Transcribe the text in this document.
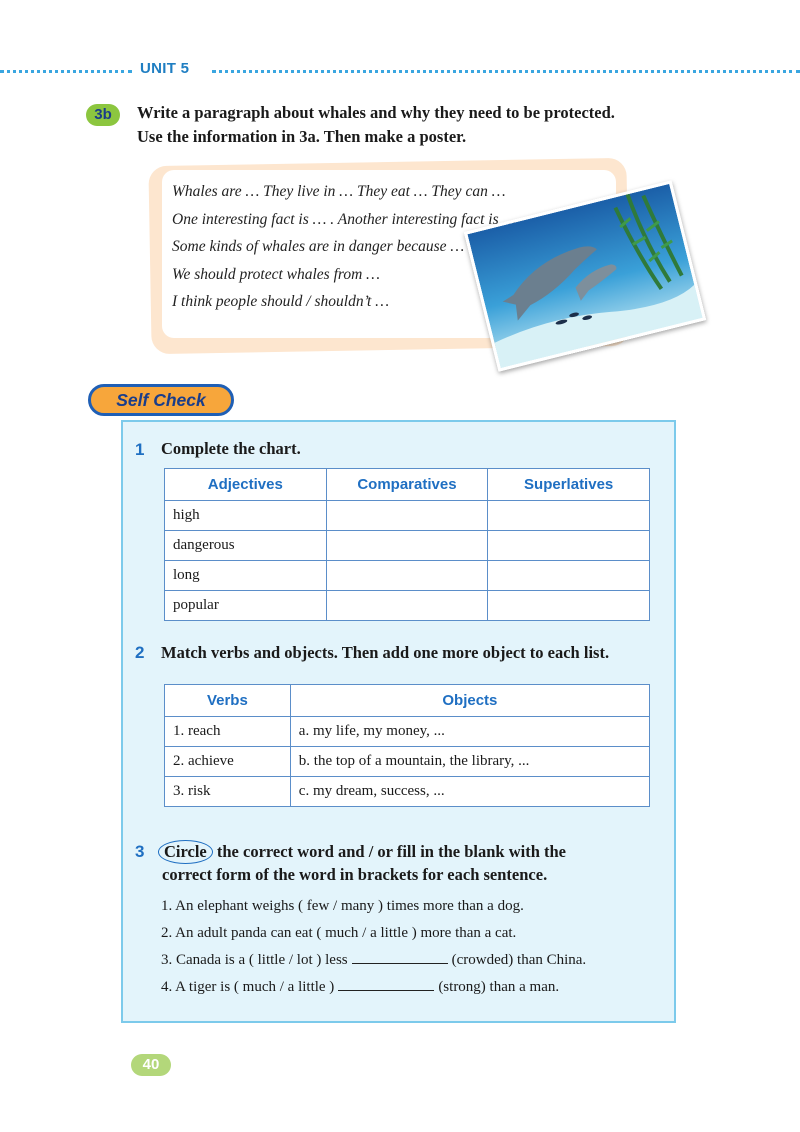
UNIT 5
3b	Write a paragraph about whales and why they need to be protected.
Use the information in 3a. Then make a poster.
Whales are … They live in … They eat … They can …
One interesting fact is … . Another interesting fact is …
Some kinds of whales are in danger because …
We should protect whales from …
I think people should / shouldn’t …
Self Check
1 Complete the chart.
Adjectives	Comparatives	Superlatives
high		
dangerous		
long		
popular		
2 Match verbs and objects. Then add one more object to each list.
Verbs	Objects
1. reach	a. my life, my money, ...
2. achieve	b. the top of a mountain, the library, ...
3. risk	c. my dream, success, ...
3	Circle the correct word and / or fill in the blank with the
correct form of the word in brackets for each sentence.
1. An elephant weighs ( few / many ) times more than a dog.
2. An adult panda can eat ( much / a little ) more than a cat.
3. Canada is a ( little / lot ) less	(crowded) than China.
4. A tiger is ( much / a little )	(strong) than a man.
40
